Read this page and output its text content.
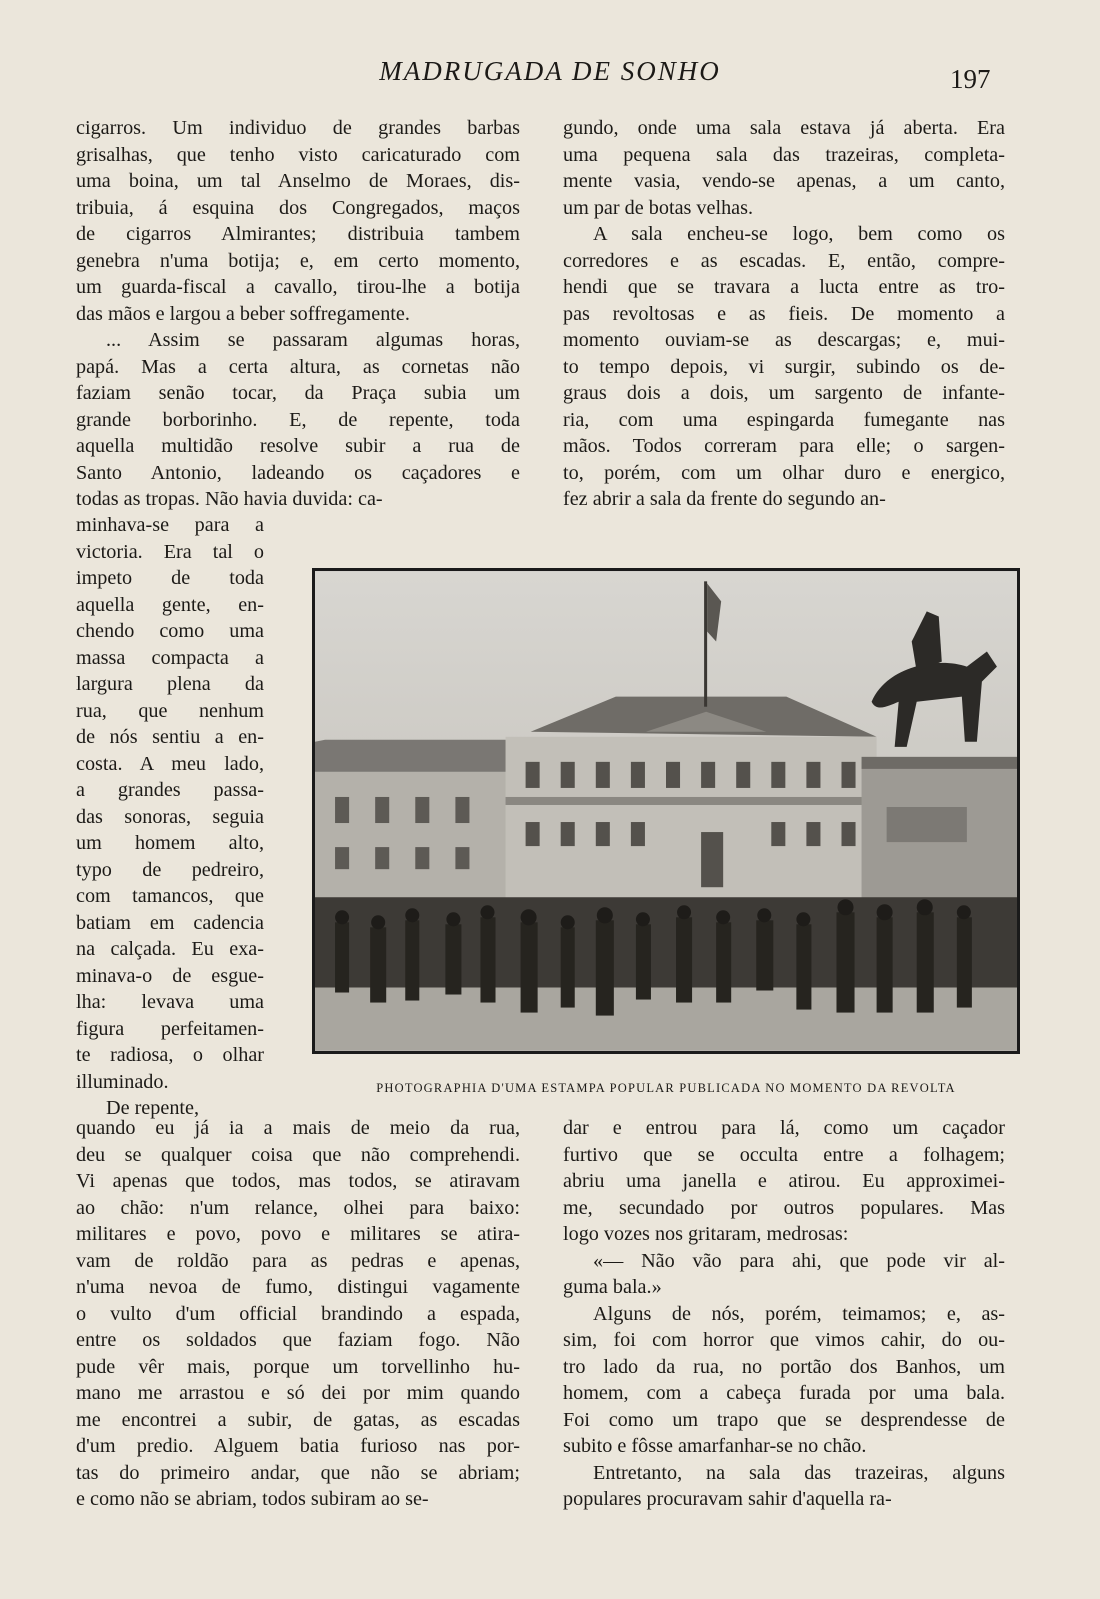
MADRUGADA DE SONHO	197
cigarros. Um individuo de grandes barbas
grisalhas, que tenho visto caricaturado com
uma boina, um tal Anselmo de Moraes, dis-
tribuia, á esquina dos Congregados, maços
de cigarros Almirantes; distribuia tambem
genebra n'uma botija; e, em certo momento,
um guarda-fiscal a cavallo, tirou-lhe a botija
das mãos e largou a beber soffregamente.
... Assim se passaram algumas horas,
papá. Mas a certa altura, as cornetas não
faziam senão tocar, da Praça subia um
grande borborinho. E, de repente, toda
aquella multidão resolve subir a rua de
Santo Antonio, ladeando os caçadores e
todas as tropas. Não havia duvida: ca-
gundo, onde uma sala estava já aberta. Era
uma pequena sala das trazeiras, completa-
mente vasia, vendo-se apenas, a um canto,
um par de botas velhas.
A sala encheu-se logo, bem como os
corredores e as escadas. E, então, compre-
hendi que se travara a lucta entre as tro-
pas revoltosas e as fieis. De momento a
momento ouviam-se as descargas; e, mui-
to tempo depois, vi surgir, subindo os de-
graus dois a dois, um sargento de infante-
ria, com uma espingarda fumegante nas
mãos. Todos correram para elle; o sargen-
to, porém, com um olhar duro e energico,
fez abrir a sala da frente do segundo an-
minhava-se para a
victoria. Era tal o
impeto de toda
aquella gente, en-
chendo como uma
massa compacta a
largura plena da
rua, que nenhum
de nós sentiu a en-
costa. A meu lado,
a grandes passa-
das sonoras, seguia
um homem alto,
typo de pedreiro,
com tamancos, que
batiam em cadencia
na calçada. Eu exa-
minava-o de esgue-
lha: levava uma
figura perfeitamen-
te radiosa, o olhar
illuminado.
De repente,
quando eu já ia a mais de meio da rua,
deu se qualquer coisa que não comprehendi.
Vi apenas que todos, mas todos, se atiravam
ao chão: n'um relance, olhei para baixo:
militares e povo, povo e militares se atira-
vam de roldão para as pedras e apenas,
n'uma nevoa de fumo, distingui vagamente
o vulto d'um official brandindo a espada,
entre os soldados que faziam fogo. Não
pude vêr mais, porque um torvellinho hu-
mano me arrastou e só dei por mim quando
me encontrei a subir, de gatas, as escadas
d'um predio. Alguem batia furioso nas por-
tas do primeiro andar, que não se abriam;
e como não se abriam, todos subiram ao se-
dar e entrou para lá, como um caçador
furtivo que se occulta entre a folhagem;
abriu uma janella e atirou. Eu approximei-
me, secundado por outros populares. Mas
logo vozes nos gritaram, medrosas:
«— Não vão para ahi, que pode vir al-
guma bala.»
Alguns de nós, porém, teimamos; e, as-
sim, foi com horror que vimos cahir, do ou-
tro lado da rua, no portão dos Banhos, um
homem, com a cabeça furada por uma bala.
Foi como um trapo que se desprendesse de
subito e fôsse amarfanhar-se no chão.
Entretanto, na sala das trazeiras, alguns
populares procuravam sahir d'aquella ra-
PHOTOGRAPHIA D'UMA ESTAMPA POPULAR PUBLICADA NO MOMENTO DA REVOLTA
